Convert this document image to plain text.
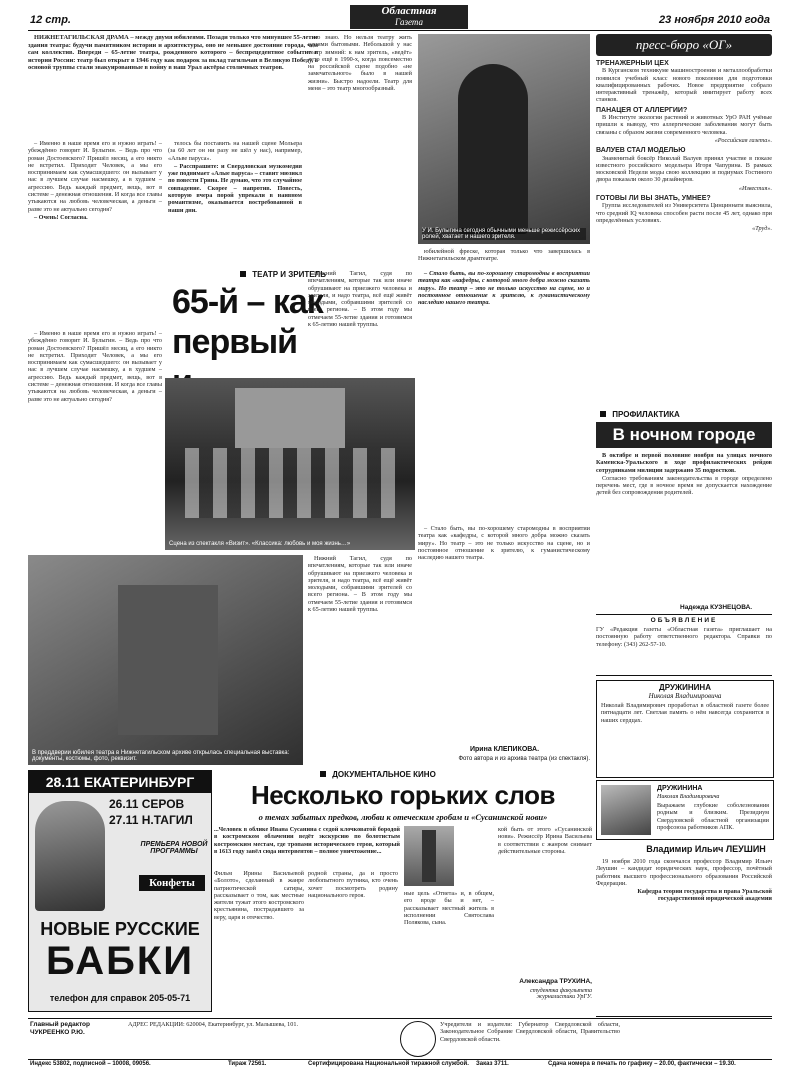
12 стр.
Областная
Газета	23 ноября 2010 года

НИЖНЕТАГИЛЬСКАЯ ДРАМА – между двумя юбилеями. Позади только что минувшее 55-летие здания театра: будучи памятником истории и архитектуры, оно не меньшее достояние города, чем сам коллектив. Впереди – 65-летие театра, рожденного которого – беспрецедентное событие в истории России: театр был открыт в 1946 году как подарок за вклад тагильчан в Великую Победу, а основой труппы стали эвакуированные в войну в наш Урал актёры столичных театров.

– Именно в наше время его и нужно играть! – убеждённо говорит И. Булыгин. – Ведь про что роман Достоевского? Пришёл месяц, а его никто не встретил. Приходит Человек, а мы его воспринимаем как сумасшедшего: он вызывает у нас в лучшем случае насмешку, а в худшем – агрессию. Ведь каждый предмет, вещь, вот в системе – денежная отношения. И когда все главы утыкаются на любовь человеческая, а деньги – разве это не актуально сегодня?

– Очень! Согласна.

телось бы поставить на нашей сцене Мольера (за 60 лет он ни разу не шёл у нас), например, «Альве паруса».

– Расспрашите: и Свердловская музкомедия уже поднимает «Алые паруса» – ставит мюзикл по повести Грина. Не думаю, что это случайное совпадение. Скорее – напротив. Повесть, которую вчера порой упрекали в наивном романтизме, оказывается востребованной в наши дни.

но знаю. Но нельзя театру жить одними бытовыми. Небольшой у нас театр зимний: к нам зритель, «ведёт» лето ещё в 1990-х, когда повсеместно на российской сцене подобно «не замечательного» было в нашей жизни». Быстро надоели. Театр для меня – это театр многообразный.

У И. Булыгина сегодня обычными меньше режиссёрских ролей, хватает и нашего зрителя.

юбилейной фреске, которая только что завершилась в Нижнетагильском драмтеатре.

ТЕАТР И ЗРИТЕЛЬ
65-й – как первый

– Именно в наше время его и нужно играть! – убеждённо говорит И. Булыгин. – Ведь про что роман Достоевского? Пришёл месяц, а его никто не встретил. Приходит Человек, а мы его воспринимаем как сумасшедшего: он вызывает у нас в лучшем случае насмешку, а в худшем – агрессию. Ведь каждый предмет, вещь, вот в системе – денежная отношения. И когда все главы утыкаются на любовь человеческая, а деньги – разве это не актуально сегодня?

Нижний Тагил, судя по впечатлениям, которые так или иначе обрушивают на приезжего человека и зрителя, и надо театра, всё ещё живёт молодыми, собравшими зрителей со всего региона. – В этом году мы отмечаем 55-летие здания и готовимся к 65-летию нашей труппы.

– Стало быть, вы по-хорошему старомодны в восприятии театра как «кафедры, с которой много добра можно сказать миру». Но театр – это не только искусство на сцене, но и постоянное отношение к зрителю, к гуманистическому наследию нашего театра.

Сцена из спектакля «Визит». «Классика: любовь и моя жизнь…»
В преддверии юбилея театра в Нижнетагильском архиве открылась специальная выставка: документы, костюмы, фото, реквизит.

Нижний Тагил, судя по впечатлениям, которые так или иначе обрушивают на приезжего человека и зрителя, и надо театра, всё ещё живёт молодыми, собравшими зрителей со всего региона. – В этом году мы отмечаем 55-летие здания и готовимся к 65-летию нашей труппы.

– Стало быть, вы по-хорошему старомодны в восприятии театра как «кафедры, с которой много добра можно сказать миру». Но театр – это не только искусство на сцене, но и постоянное отношение к зрителю, к гуманистическому наследию нашего театра.

Ирина КЛЕПИКОВА.
Фото автора и из архива театра (из спектакля).
пресс-бюро «ОГ»
ТРЕНАЖЁРНЫЙ ЦЕХ

В Курганском техникуме машиностроения и металлообработки появился учебный класс нового поколения для подготовки квалифицированных рабочих. Новое предприятие собрало интерактивный тренажёр, который имитирует работу всех станков.

ПАНАЦЕЯ ОТ АЛЛЕРГИИ?

В Институте экологии растений и животных УрО РАН учёные пришли к выводу, что аллергические заболевания могут быть связаны с образом жизни современного человека.

«Российская газета».

ВАЛУЕВ СТАЛ МОДЕЛЬЮ

Знаменитый боксёр Николай Валуев принял участие в показе известного российского модельера Игоря Чапурина. В рамках московской Недели моды свою коллекцию и подиумах Гостиного двора показали около 30 дизайнеров.

«Известия».

ГОТОВЫ ЛИ ВЫ ЗНАТЬ, УМНЕЕ?

Группа исследователей из Университета Цинциннати выяснила, что средний IQ человека способен расти после 45 лет, однако при определённых условиях.

«Труд».

ПРОФИЛАКТИКА
В ночном городе

В октябре и первой половине ноября на улицах ночного Каменска-Уральского в ходе профилактических рейдов сотрудниками милиции задержано 35 подростков.

Согласно требованиям законодательства в городе определено перечень мест, где в ночное время не допускается нахождение детей без сопровождения родителей.

Надежда КУЗНЕЦОВА.
ОБЪЯВЛЕНИЕ
ГУ «Редакция газеты «Областная газета» приглашает на постоянную работу ответственного редактора. Справки по телефону: (343) 262-57-10.
ДРУЖИНИНА
Николая Владимировича
Николай Владимирович проработал в областной газете более пятнадцати лет. Светлая память о нём навсегда сохранится в наших сердцах.
ДРУЖИНИНА
Николая Владимировича
Выражаем глубокие соболезнования родным и близким. Президиум Свердловской областной организации профсоюза работников АПК.
Владимир Ильич ЛЕУШИН

19 ноября 2010 года скончался профессор Владимир Ильич Леушин – кандидат юридических наук, профессор, почётный работник высшего профессионального образования Российской Федерации.

Кафедра теории государства и права Уральской государственной юридической академии

28.11 ЕКАТЕРИНБУРГ
26.11 СЕРОВ
27.11 Н.ТАГИЛ
ПРЕМЬЕРА НОВОЙ ПРОГРАММЫ
Конфеты
НОВЫЕ РУССКИЕ
БАБКИ
телефон для справок 205-05-71
ДОКУМЕНТАЛЬНОЕ КИНО
Несколько горьких слов
о темах забытых предков, любви к отеческим гробам и «Сусанинской нови»
...Человек в облике Ивана Сусанина с седой клочковатой бородой в костромском облачении ведёт экскурсию по болотистым костромским местам, где тропами исторического героя, который в 1613 году завёл сюда интервентов – полное уничтожение...
Фильм Ирины Васильевой «Болото», сделанный в жанре патриотической сатиры, рассказывает о том, как местные жители тужат этого костромского крестьянина, пострадавшего за веру, царя и отечество.
родной страны, да и просто любопытного путника, кто очень хочет посмотреть родину национального героя.	ные цель «Ответа» и, в общем, его вроде бы и нет, – рассказывает местный житель в исполнении Святослава Полякова, сына.
кой быть от этого «Сусанинской нови». Режиссёр Ирина Васильева в соответствии с жанром снимает действительные стороны.
Александра ТРУХИНА,
студентка факультета журналистики УрГУ.
Главный редактор
ЧУКРЕЕНКО Р.Ю.
АДРЕС РЕДАКЦИИ: 620004, Екатеринбург, ул. Малышева, 101.	Учредители и издатели: Губернатор Свердловской области, Законодательное Собрание Свердловской области, Правительство Свердловской области.
Индекс 53802, подписной – 10008, 09056.	Тираж 72561.	Сертифицирована Национальной тиражной службой. Заказ 3711.	Сдача номера в печать по графику – 20.00, фактически – 19.30.
